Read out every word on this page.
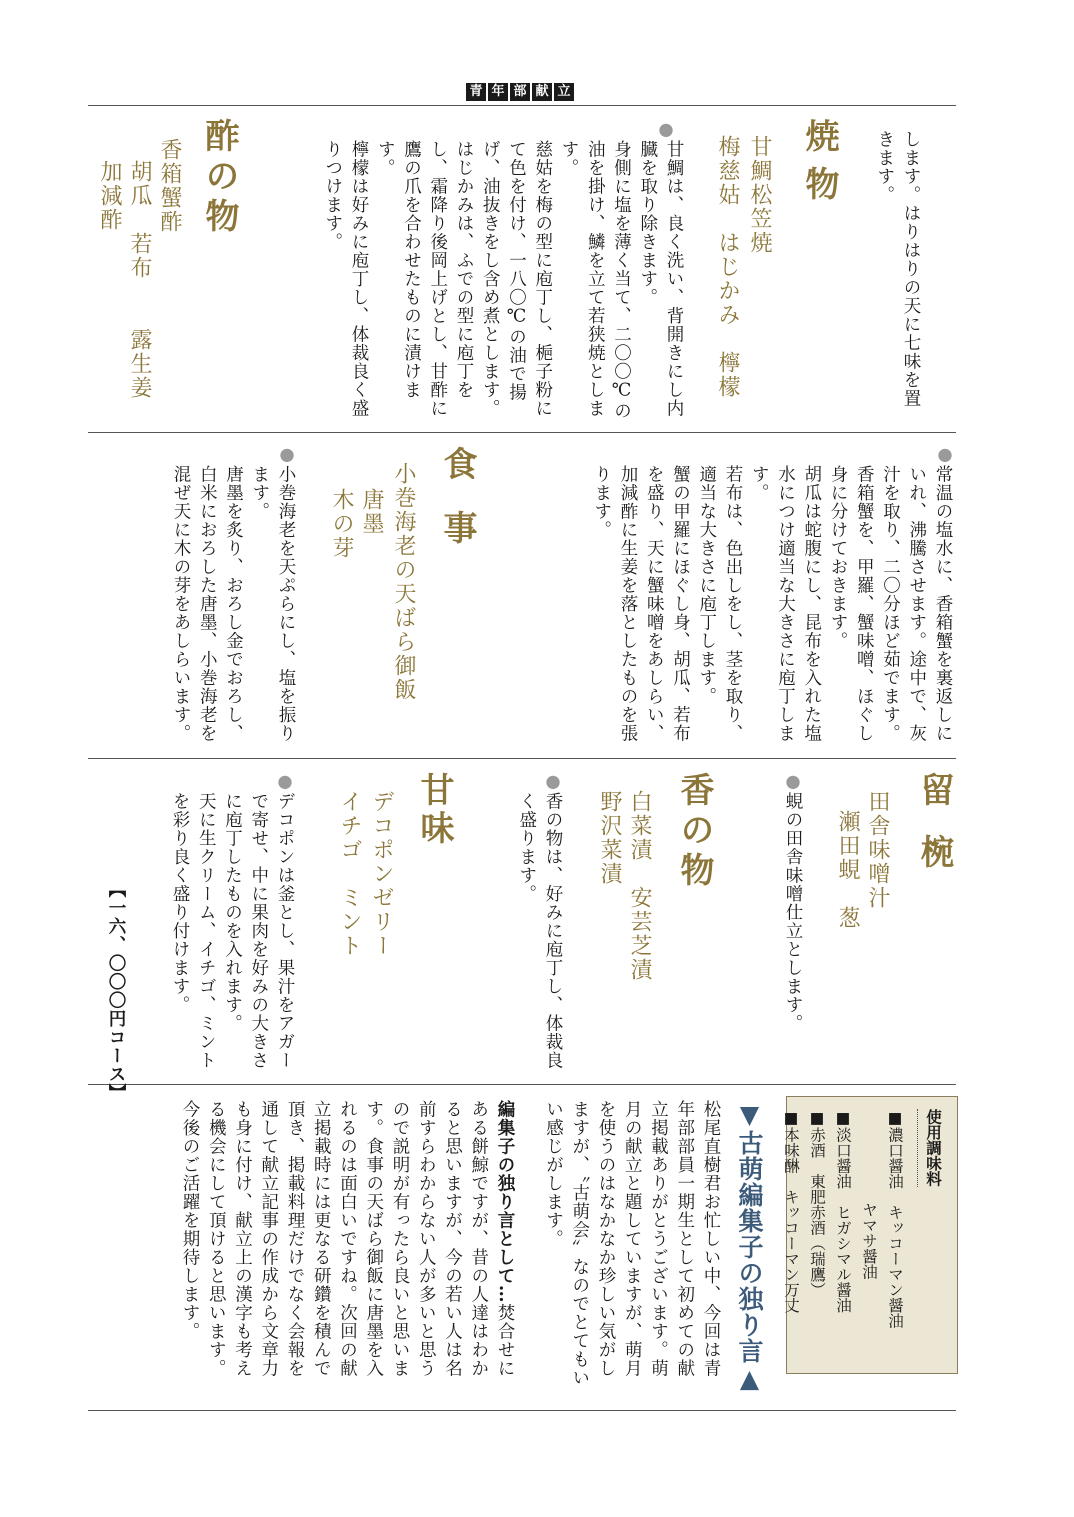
青 年 部 献 立
します。はりはりの天に七味を置きます。
焼物
甘鯛松笠焼
梅慈姑　はじかみ　檸檬
●
甘鯛は、良く洗い、背開きにし内臓を取り除きます。
身側に塩を薄く当て、二〇〇℃の油を掛け、鱗を立て若狭焼とします。
慈姑を梅の型に庖丁し、梔子粉にて色を付け、一八〇℃の油で揚げ、油抜きをし含め煮とします。
はじかみは、ふでの型に庖丁をし、霜降り後岡上げとし、甘酢に鷹の爪を合わせたものに漬けます。
檸檬は好みに庖丁し、体裁良く盛りつけます。
酢の物
香箱蟹酢
胡瓜　若布　　露生姜
加減酢
●
常温の塩水に、香箱蟹を裏返しにいれ、沸騰させます。途中で、灰汁を取り、二〇分ほど茹でます。
香箱蟹を、甲羅、蟹味噌、ほぐし身に分けておきます。
胡瓜は蛇腹にし、昆布を入れた塩水につけ適当な大きさに庖丁します。
若布は、色出しをし、茎を取り、適当な大きさに庖丁します。
蟹の甲羅にほぐし身、胡瓜、若布を盛り、天に蟹味噌をあしらい、加減酢に生姜を落としたものを張ります。
食事
小巻海老の天ばら御飯
唐墨
木の芽
●
小巻海老を天ぷらにし、塩を振ります。
唐墨を炙り、おろし金でおろし、白米におろした唐墨、小巻海老を混ぜ天に木の芽をあしらいます。
留椀
田舎味噌汁
瀬田蜆　葱
●
蜆の田舎味噌仕立とします。
香の物
白菜漬　安芸芝漬
野沢菜漬
●
香の物は、好みに庖丁し、体裁良く盛ります。
甘味
デコポンゼリー
イチゴ　ミント
●
デコポンは釜とし、果汁をアガーで寄せ、中に果肉を好みの大きさに庖丁したものを入れます。
天に生クリーム、イチゴ、ミントを彩り良く盛り付けます。
【一六、〇〇〇円コース】
使用調味料
■濃口醤油　キッコーマン醤油
　　　　　　ヤマサ醤油
■淡口醤油　ヒガシマル醤油
■赤酒　東肥赤酒（瑞鷹）
■本味醂　キッコーマン万丈
▼古萌編集子の独り言▲
松尾直樹君お忙しい中、今回は青年部部員一期生として初めての献立掲載ありがとうございます。萌月の献立と題していますが、萌月を使うのはなかなか珍しい気がしますが、〝古萌会〟なのでとてもいい感じがします。
編集子の独り言として…焚合せにある餅鯨ですが、昔の人達はわかると思いますが、今の若い人は名前すらわからない人が多いと思うので説明が有ったら良いと思います。食事の天ばら御飯に唐墨を入れるのは面白いですね。次回の献立掲載時には更なる研鑽を積んで頂き、掲載料理だけでなく会報を通して献立記事の作成から文章力も身に付け、献立上の漢字も考える機会にして頂けると思います。
今後のご活躍を期待します。
